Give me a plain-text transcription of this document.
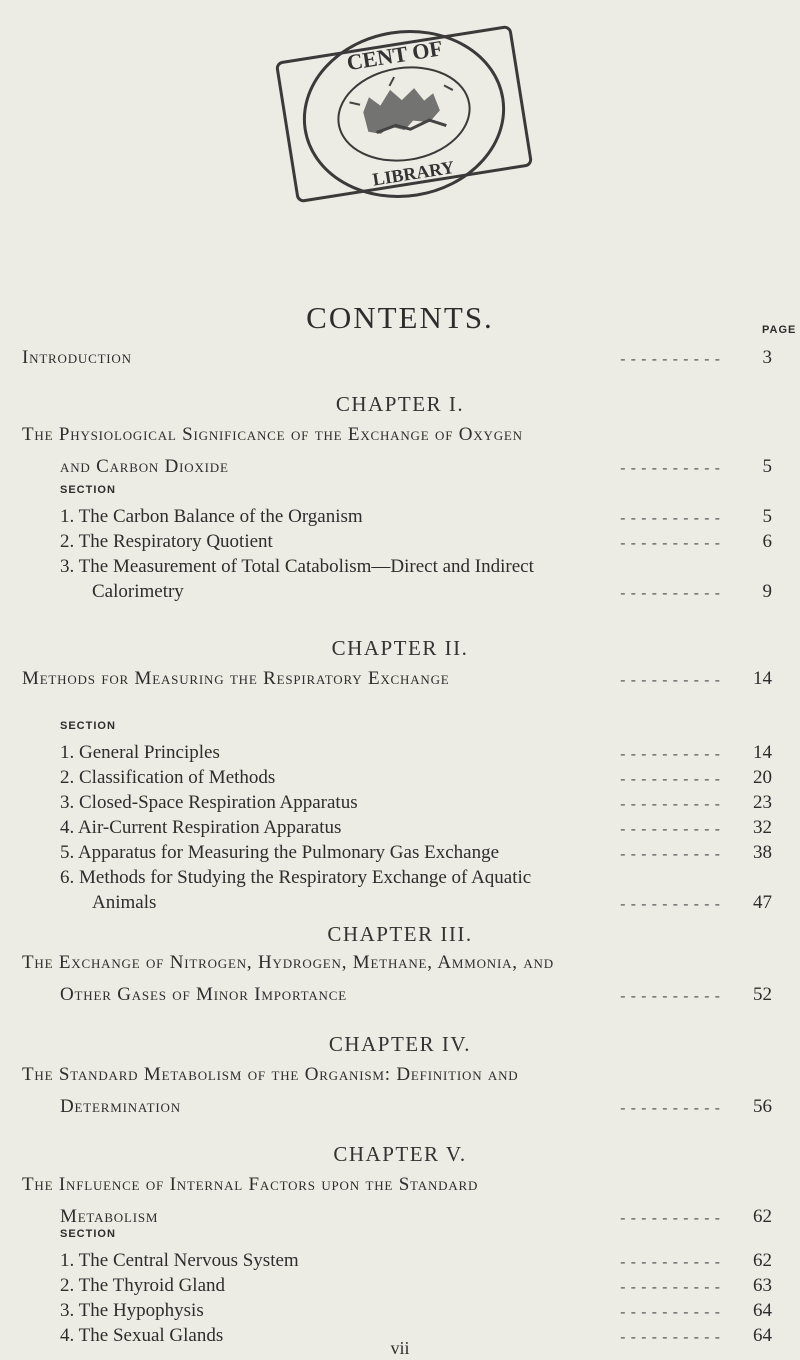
CENT OF
LIBRARY
CONTENTS.	PAGE
Introduction	- - - - - - - - - -	3
CHAPTER I.
The Physiological Significance of the Exchange of Oxygen
and Carbon Dioxide	- - - - - - - - - -	5
SECTION
1. The Carbon Balance of the Organism	- - - - - - - - - -	5
2. The Respiratory Quotient	- - - - - - - - - -	6
3. The Measurement of Total Catabolism—Direct and Indirect
Calorimetry	- - - - - - - - - -	9
CHAPTER II.
Methods for Measuring the Respiratory Exchange	- - - - - - - - - -	14
SECTION
1. General Principles	- - - - - - - - - -	14
2. Classification of Methods	- - - - - - - - - -	20
3. Closed-Space Respiration Apparatus	- - - - - - - - - -	23
4. Air-Current Respiration Apparatus	- - - - - - - - - -	32
5. Apparatus for Measuring the Pulmonary Gas Exchange	- - - - - - - - - -	38
6. Methods for Studying the Respiratory Exchange of Aquatic
Animals	- - - - - - - - - -	47
CHAPTER III.
The Exchange of Nitrogen, Hydrogen, Methane, Ammonia, and
Other Gases of Minor Importance	- - - - - - - - - -	52
CHAPTER IV.
The Standard Metabolism of the Organism: Definition and
Determination	- - - - - - - - - -	56
CHAPTER V.
The Influence of Internal Factors upon the Standard
Metabolism	- - - - - - - - - -	62
SECTION
1. The Central Nervous System	- - - - - - - - - -	62
2. The Thyroid Gland	- - - - - - - - - -	63
3. The Hypophysis	- - - - - - - - - -	64
4. The Sexual Glands	- - - - - - - - - -	64
vii
